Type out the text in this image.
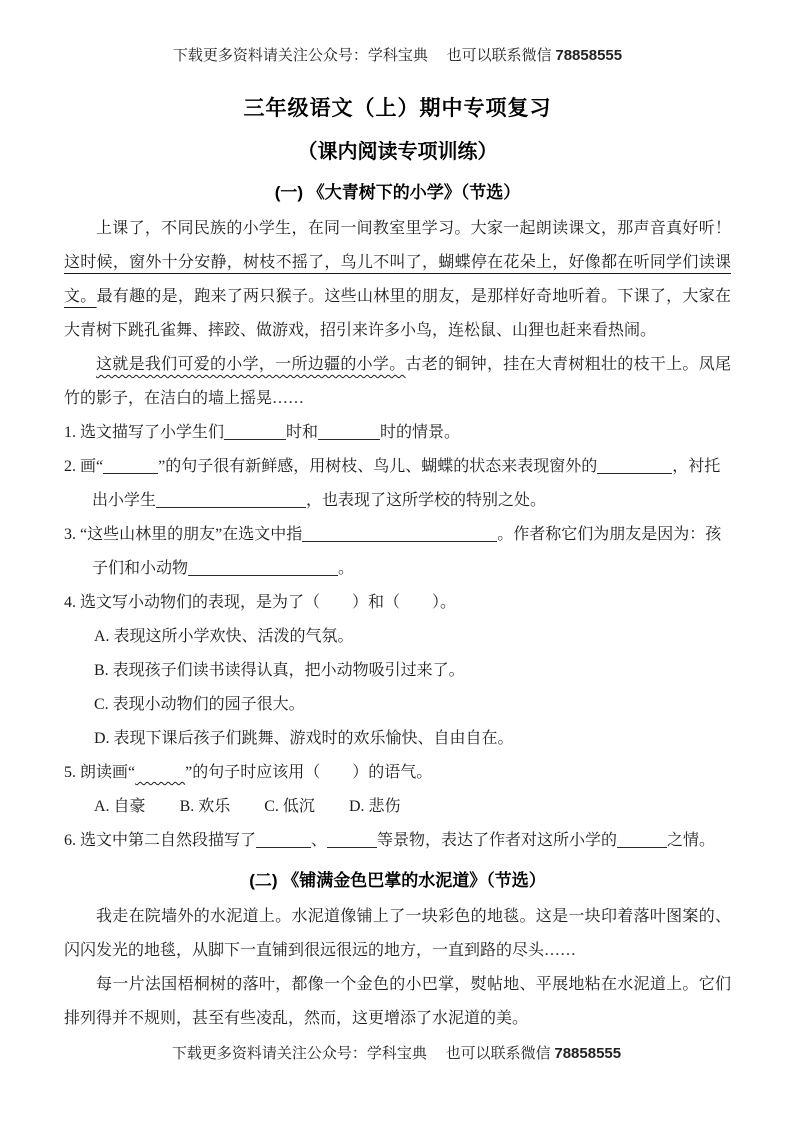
下载更多资料请关注公众号：学科宝典　 也可以联系微信 78858555
三年级语文（上）期中专项复习
（课内阅读专项训练）
(一) 《大青树下的小学》（节选）

上课了，不同民族的小学生，在同一间教室里学习。大家一起朗读课文，那声音真好听！这时候，窗外十分安静，树枝不摇了，鸟儿不叫了，蝴蝶停在花朵上，好像都在听同学们读课文。最有趣的是，跑来了两只猴子。这些山林里的朋友，是那样好奇地听着。下课了，大家在大青树下跳孔雀舞、摔跤、做游戏，招引来许多小鸟，连松鼠、山狸也赶来看热闹。

这就是我们可爱的小学，一所边疆的小学。古老的铜钟，挂在大青树粗壮的枝干上。凤尾竹的影子，在洁白的墙上摇晃……

1. 选文描写了小学生们	时和	时的情景。
2. 画“	”的句子很有新鲜感，用树枝、鸟儿、蝴蝶的状态来表现窗外的	，衬托出小学生	，也表现了这所学校的特别之处。
3. “这些山林里的朋友”在选文中指	。作者称它们为朋友是因为：孩子们和小动物	。
4. 选文写小动物们的表现，是为了（　　）和（　　）。
A. 表现这所小学欢快、活泼的气氛。
B. 表现孩子们读书读得认真，把小动物吸引过来了。
C. 表现小动物们的园子很大。
D. 表现下课后孩子们跳舞、游戏时的欢乐愉快、自由自在。
5. 朗读画“	”的句子时应该用（　　）的语气。
A. 自豪 B. 欢乐 C. 低沉 D. 悲伤
6. 选文中第二自然段描写了	、	等景物，表达了作者对这所小学的	之情。
(二) 《铺满金色巴掌的水泥道》（节选）

我走在院墙外的水泥道上。水泥道像铺上了一块彩色的地毯。这是一块印着落叶图案的、闪闪发光的地毯，从脚下一直铺到很远很远的地方，一直到路的尽头……

每一片法国梧桐树的落叶，都像一个金色的小巴掌，熨帖地、平展地粘在水泥道上。它们排列得并不规则，甚至有些凌乱，然而，这更增添了水泥道的美。

下载更多资料请关注公众号：学科宝典　 也可以联系微信 78858555
